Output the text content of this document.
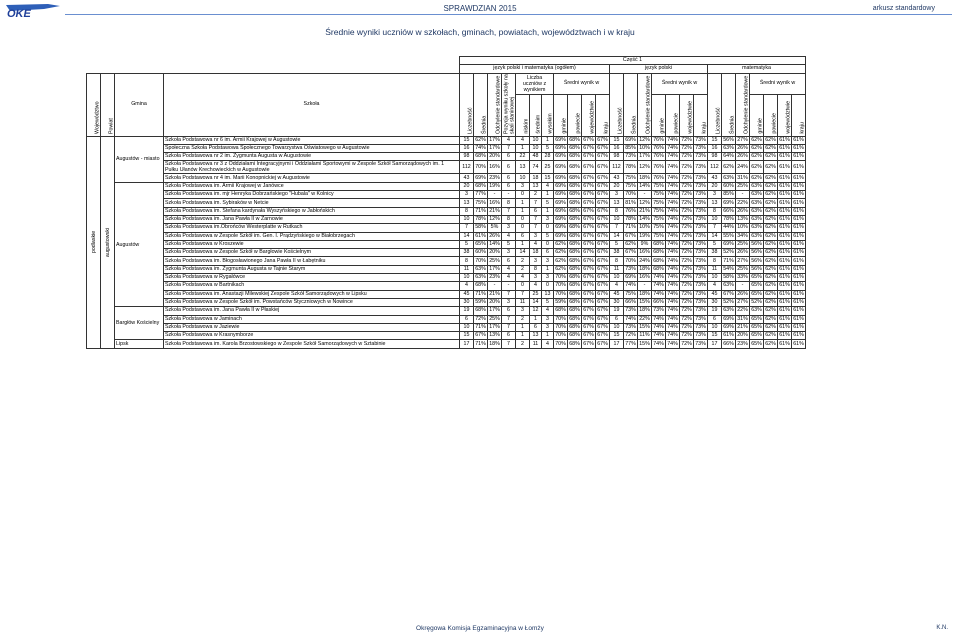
OKE	SPRAWDZIAN 2015	arkusz standardowy
Średnie wyniki uczniów w szkołach, gminach, powiatach, województwach i w kraju
				Część 1																								
				język polski i matematyka (ogółem)											język polski							matematyka						
Województwo	Powiat	Gmina	Szkoła	Liczebność	Średnia	Odchylenie standardowe	Pozycja wyniku szkoły na skali staninowej	Liczba uczniów z wynikiem			Średni wynik w				Liczebność	Średnia	Odchylenie standardowe	Średni wynik w				Liczebność	Średnia	Odchylenie standardowe	Średni wynik w			
								niskim	średnim	wysokim	gminie	powiecie	województwie	kraju				gminie	powiecie	województwie	kraju				gminie	powiecie	województwie	kraju
podlaskie	augustowski	Augustów - miasto	Szkoła Podstawowa nr 6 im. Armii Krajowej w Augustowie	15	62%	17%	4	4	10	1	69%	68%	67%	67%	15	69%	12%	76%	74%	72%	73%	15	56%	27%	62%	62%	61%	61%
			Społeczna Szkoła Podstawowa Społecznego Towarzystwa Oświatowego w Augustowie	16	74%	17%	7	1	10	5	69%	68%	67%	67%	16	85%	10%	76%	74%	72%	73%	16	63%	26%	62%	62%	61%	61%
			Szkoła Podstawowa nr 2 im. Zygmunta Augusta w Augustowie	98	68%	20%	6	22	48	28	69%	68%	67%	67%	98	73%	17%	76%	74%	72%	73%	98	64%	26%	62%	62%	61%	61%
			Szkoła Podstawowa nr 3 z Oddziałami Integracyjnymi i Oddziałami Sportowymi w Zespole Szkół Samorządowych im. 1 Pułku Ułanów Krechowieckich w Augustowie	112	70%	16%	6	13	74	25	69%	68%	67%	67%	112	78%	12%	76%	74%	72%	73%	112	62%	24%	62%	62%	61%	61%
			Szkoła Podstawowa nr 4 im. Marii Konopnickiej w Augustowie	43	69%	23%	6	10	18	15	69%	68%	67%	67%	43	75%	18%	76%	74%	72%	73%	43	63%	31%	62%	62%	61%	61%
		Augustów	Szkoła Podstawowa im. Armii Krajowej w Janówce	20	68%	19%	6	3	13	4	69%	68%	67%	67%	20	75%	14%	75%	74%	72%	73%	20	60%	25%	63%	62%	61%	61%
			Szkoła Podstawowa im. mjr Henryka Dobrzańskiego "Hubala" w Kolnicy	3	77%	-	-	0	2	1	69%	68%	67%	67%	3	70%	-	75%	74%	72%	73%	3	85%	-	63%	62%	61%	61%
			Szkoła Podstawowa im. Sybiraków w Netcie	13	75%	16%	8	1	7	5	69%	68%	67%	67%	13	81%	12%	75%	74%	72%	73%	13	69%	22%	63%	62%	61%	61%
			Szkoła Podstawowa im. Stefana kardynała Wyszyńskiego w Jabłońskich	8	71%	21%	7	1	6	1	69%	68%	67%	67%	8	76%	21%	75%	74%	72%	73%	8	66%	26%	63%	62%	61%	61%
			Szkoła Podstawowa im. Jana Pawła II w Żarnowie	10	78%	12%	8	0	7	3	69%	68%	67%	67%	10	78%	14%	75%	74%	72%	73%	10	78%	13%	63%	62%	61%	61%
			Szkoła Podstawowa im.Obrońców Westerplatte w Rutkach	7	58%	5%	3	0	7	0	69%	68%	67%	67%	7	71%	10%	75%	74%	72%	73%	7	44%	10%	63%	62%	61%	61%
			Szkoła Podstawowa w Zespole Szkół im. Gen. I. Prądzyńskiego w Białobrzegach	14	61%	26%	4	6	3	5	69%	68%	67%	67%	14	67%	19%	75%	74%	72%	73%	14	55%	34%	63%	62%	61%	61%
			Szkoła Podstawowa w Kroszewie	5	65%	14%	5	1	4	0	62%	68%	67%	67%	5	62%	9%	68%	74%	72%	73%	5	69%	25%	56%	62%	61%	61%
			Szkoła Podstawowa w Zespole Szkół w Bargłowie Kościelnym	38	60%	20%	3	14	18	6	62%	68%	67%	67%	38	67%	16%	68%	74%	72%	73%	38	52%	26%	56%	62%	61%	61%
			Szkoła Podstawowa im. Błogosławionego Jana Pawła II w Łabętniku	8	70%	25%	6	2	3	3	62%	68%	67%	67%	8	70%	24%	68%	74%	72%	73%	8	71%	27%	56%	62%	61%	61%
			Szkoła Podstawowa im. Zygmunta Augusta w Tajnie Starym	11	63%	17%	4	2	8	1	62%	68%	67%	67%	11	73%	18%	68%	74%	72%	73%	11	54%	25%	56%	62%	61%	61%
			Szkoła Podstawowa w Rygałówce	10	63%	23%	4	4	3	3	70%	68%	67%	67%	10	69%	16%	74%	74%	72%	73%	10	58%	33%	65%	62%	61%	61%
			Szkoła Podstawowa w Bartnikach	4	68%	-	-	0	4	0	70%	68%	67%	67%	4	74%	-	74%	74%	72%	73%	4	63%	-	65%	62%	61%	61%
			Szkoła Podstawowa im. Anastazji Milewskiej Zespole Szkół Samorządowych w Lipsku	45	71%	21%	7	7	25	13	70%	68%	67%	67%	45	75%	18%	74%	74%	72%	73%	45	67%	26%	65%	62%	61%	61%
			Szkoła Podstawowa w Zespole Szkół im. Powstańców Styczniowych w Nowince	30	59%	20%	3	11	14	5	59%	68%	67%	67%	30	66%	15%	66%	74%	72%	73%	30	52%	27%	52%	62%	61%	61%
		Bargłów Kościelny	Szkoła Podstawowa im. Jana Pawła II w Płaskiej	19	68%	17%	6	3	12	4	68%	68%	67%	67%	19	73%	18%	73%	74%	72%	73%	19	63%	22%	63%	62%	61%	61%
			Szkoła Podstawowa w Jaminach	6	72%	25%	7	2	1	3	70%	68%	67%	67%	6	74%	22%	74%	74%	72%	73%	6	69%	31%	65%	62%	61%	61%
			Szkoła Podstawowa w Jaziewie	10	71%	17%	7	1	6	3	70%	68%	67%	67%	10	73%	15%	74%	74%	72%	73%	10	69%	21%	65%	62%	61%	61%
			Szkoła Podstawowa w Krasnymborze	15	67%	13%	6	1	13	1	70%	68%	67%	67%	15	72%	11%	74%	74%	72%	73%	15	61%	20%	65%	62%	61%	61%
		Lipsk	Szkoła Podstawowa im. Karola Brzostowskiego w Zespole Szkół Samorządowych w Sztabinie	17	71%	18%	7	2	11	4	70%	68%	67%	67%	17	77%	15%	74%	74%	72%	73%	17	66%	23%	65%	62%	61%	61%
Okręgowa Komisja Egzaminacyjna w Łomży	K.N.
